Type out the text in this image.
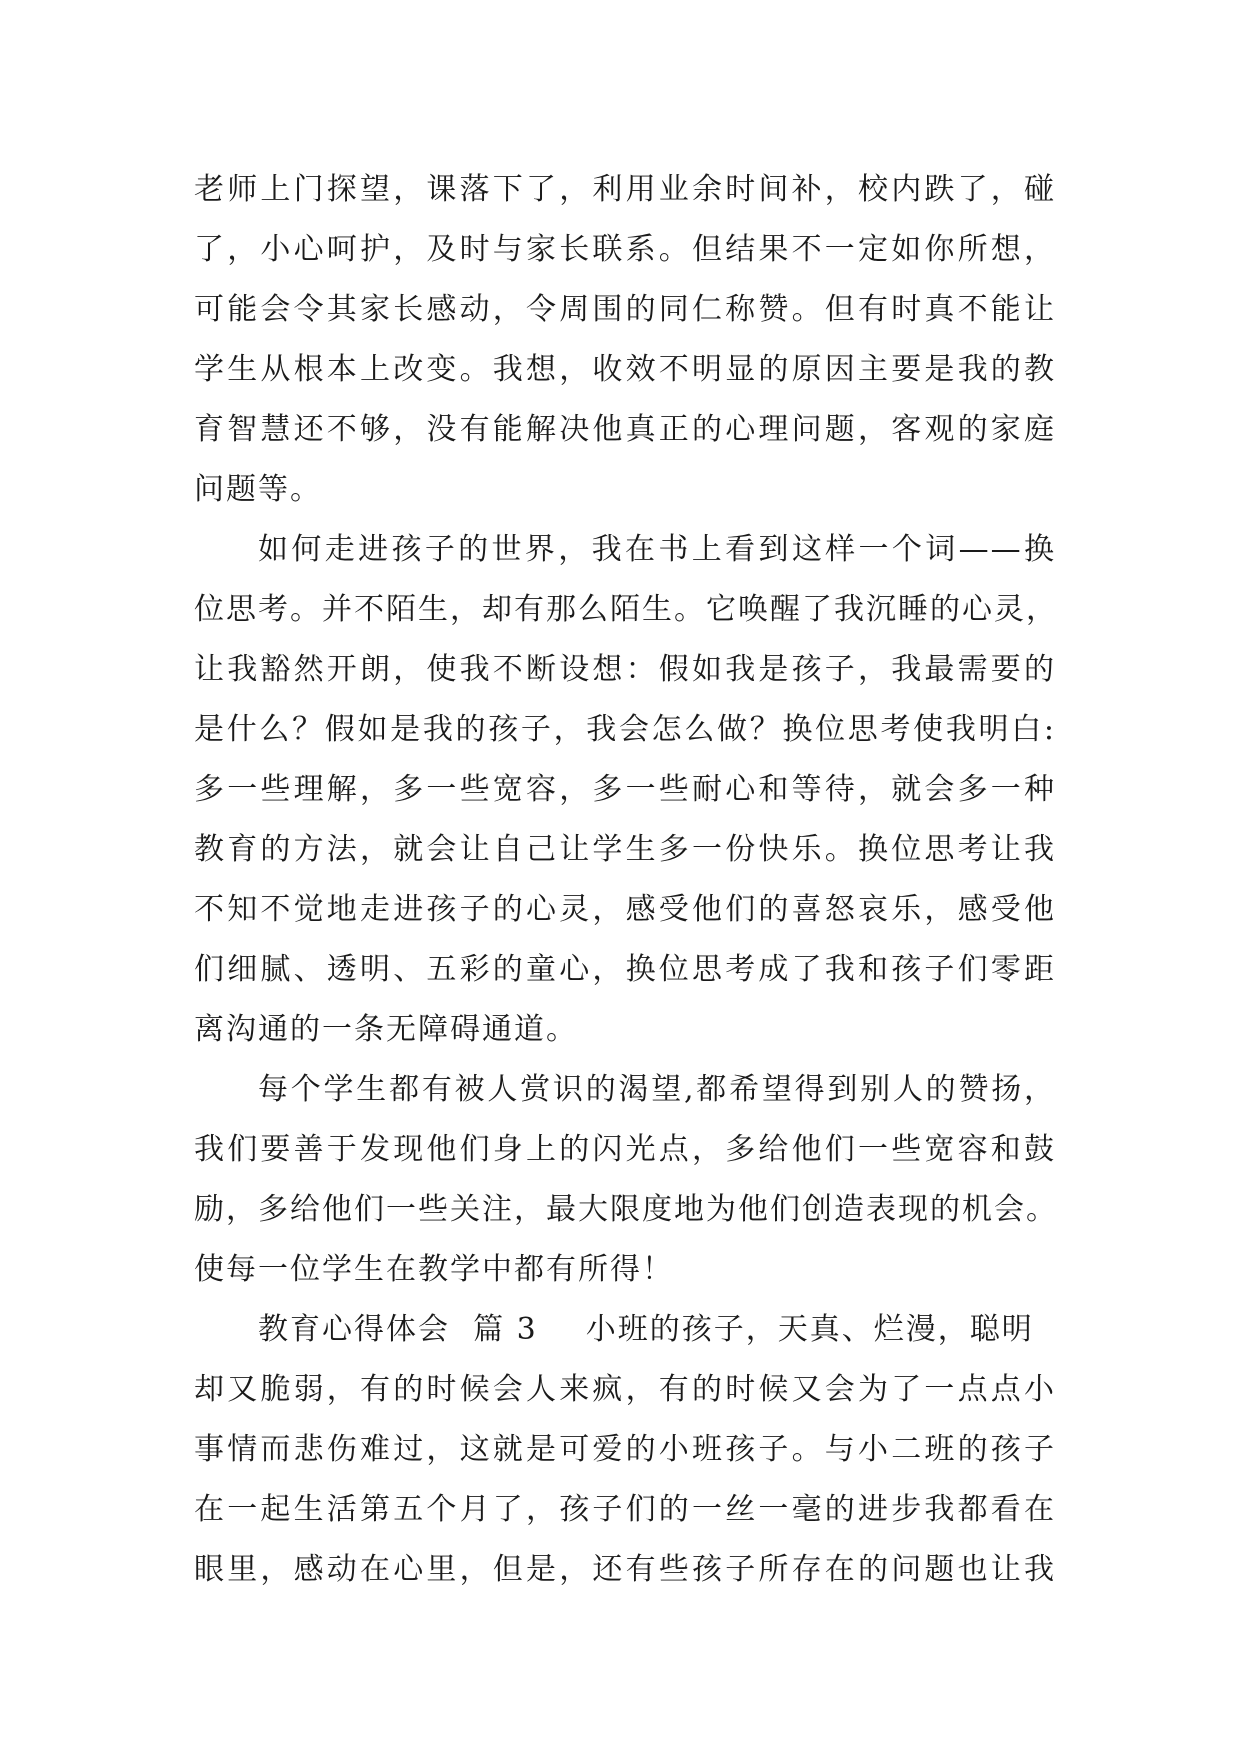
老师上门探望，课落下了，利用业余时间补，校内跌了，碰
了，小心呵护，及时与家长联系。但结果不一定如你所想，
可能会令其家长感动，令周围的同仁称赞。但有时真不能让
学生从根本上改变。我想，收效不明显的原因主要是我的教
育智慧还不够，没有能解决他真正的心理问题，客观的家庭
问题等。
如何走进孩子的世界，我在书上看到这样一个词——换
位思考。并不陌生，却有那么陌生。它唤醒了我沉睡的心灵，
让我豁然开朗，使我不断设想：假如我是孩子，我最需要的
是什么？假如是我的孩子，我会怎么做？换位思考使我明白:
多一些理解，多一些宽容，多一些耐心和等待，就会多一种
教育的方法，就会让自己让学生多一份快乐。换位思考让我
不知不觉地走进孩子的心灵，感受他们的喜怒哀乐，感受他
们细腻、透明、五彩的童心，换位思考成了我和孩子们零距
离沟通的一条无障碍通道。
每个学生都有被人赏识的渴望,都希望得到别人的赞扬，
我们要善于发现他们身上的闪光点，多给他们一些宽容和鼓
励，多给他们一些关注，最大限度地为他们创造表现的机会。
使每一位学生在教学中都有所得！
教育心得体会  篇 3 小班的孩子，天真、烂漫，聪明
却又脆弱，有的时候会人来疯，有的时候又会为了一点点小
事情而悲伤难过，这就是可爱的小班孩子。与小二班的孩子
在一起生活第五个月了，孩子们的一丝一毫的进步我都看在
眼里，感动在心里，但是，还有些孩子所存在的问题也让我
